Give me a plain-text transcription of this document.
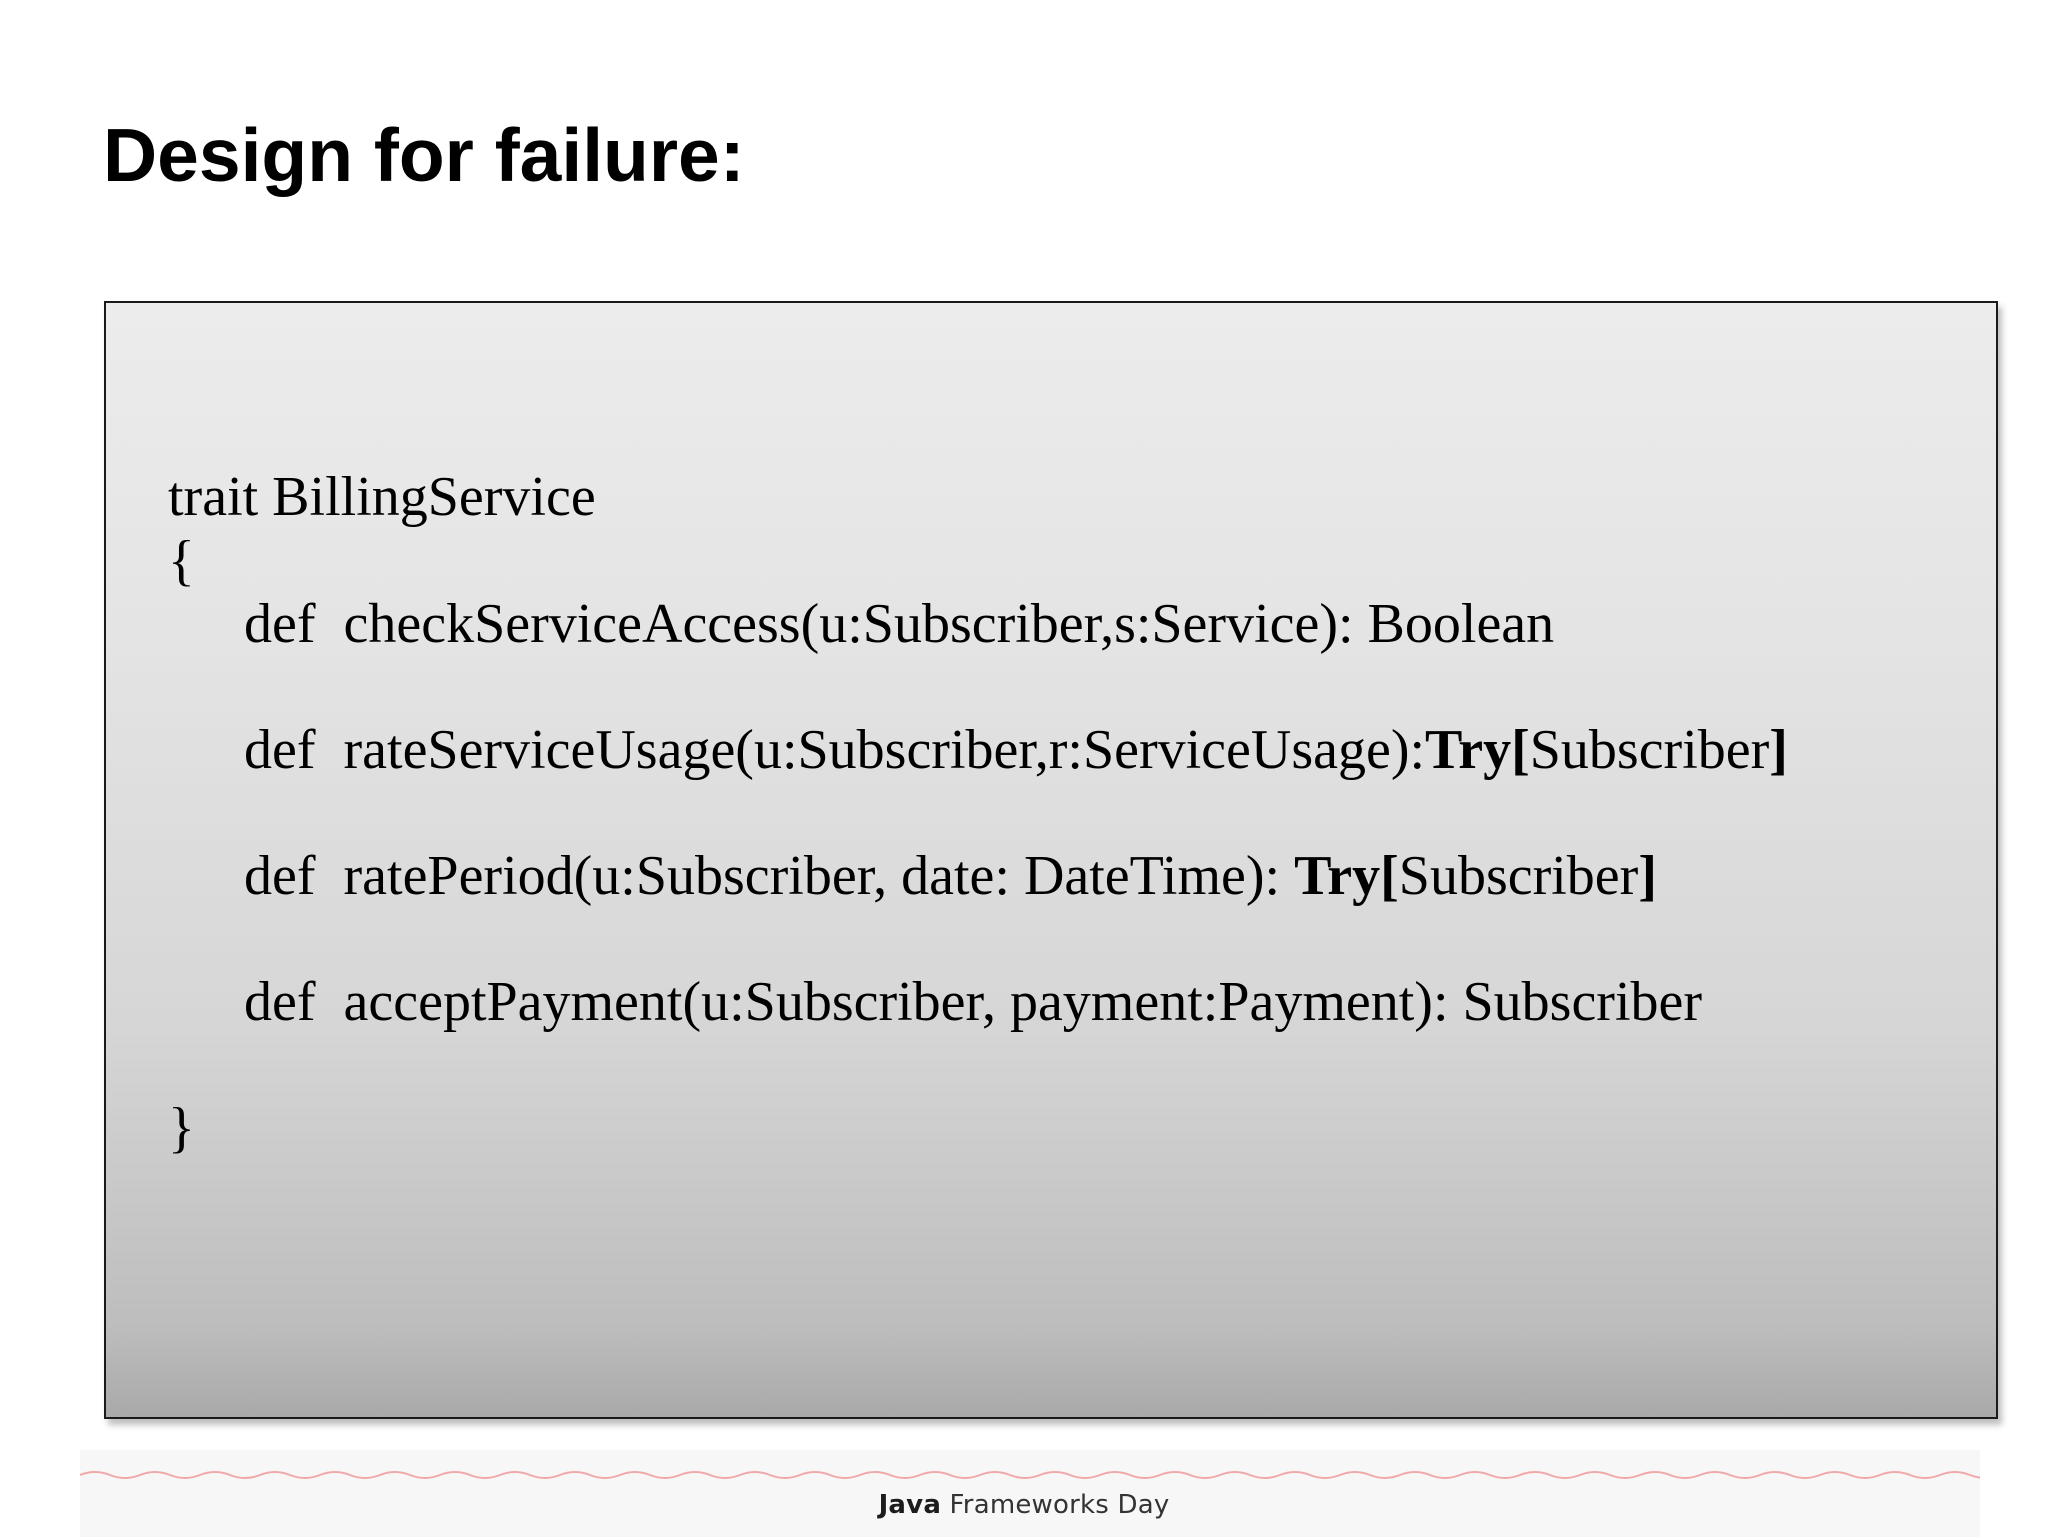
Design for failure:
trait BillingService
{
def checkServiceAccess(u:Subscriber,s:Service): Boolean
def rateServiceUsage(u:Subscriber,r:ServiceUsage):Try[Subscriber]
def ratePeriod(u:Subscriber, date: DateTime): Try[Subscriber]
def acceptPayment(u:Subscriber, payment:Payment): Subscriber
}
Java Frameworks Day
